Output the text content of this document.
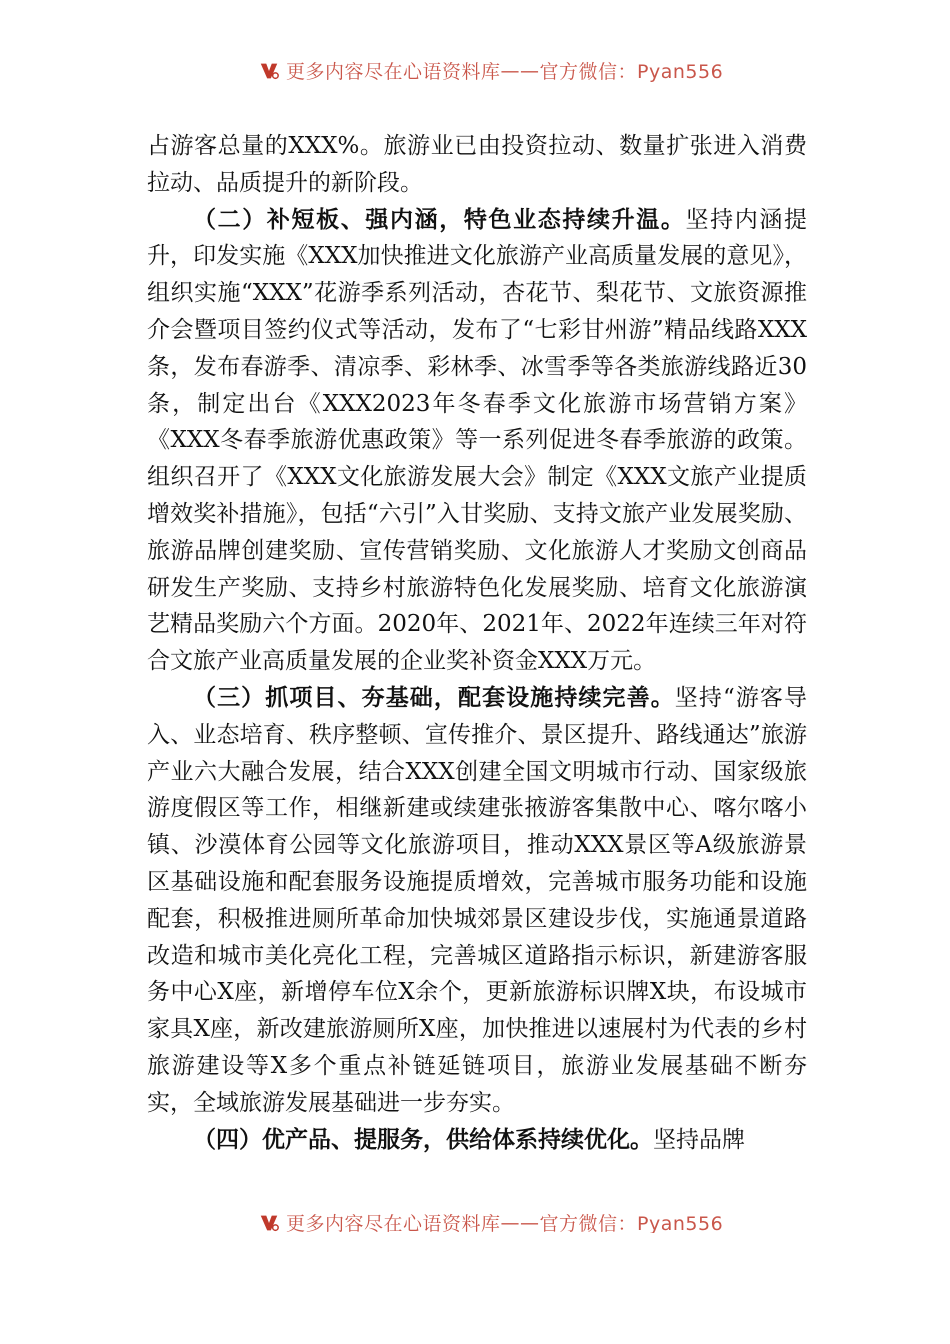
更多内容尽在心语资料库 —— 官方微信：Pyan556

占游客总量的XXX%。旅游业已由投资拉动、数量扩张进入消费拉动、品质提升的新阶段。

（二）补短板、强内涵，特色业态持续升温。坚持内涵提升，印发实施《XXX加快推进文化旅游产业高质量发展的意见》，组织实施“XXX”花游季系列活动，杏花节、梨花节、文旅资源推介会暨项目签约仪式等活动，发布了“七彩甘州游”精品线路XXX条，发布春游季、清凉季、彩林季、冰雪季等各类旅游线路近30条，制定出台《XXX2023年冬春季文化旅游市场营销方案》《XXX冬春季旅游优惠政策》等一系列促进冬春季旅游的政策。组织召开了《XXX文化旅游发展大会》制定《XXX文旅产业提质增效奖补措施》，包括“六引”入甘奖励、支持文旅产业发展奖励、旅游品牌创建奖励、宣传营销奖励、文化旅游人才奖励文创商品研发生产奖励、支持乡村旅游特色化发展奖励、培育文化旅游演艺精品奖励六个方面。2020年、2021年、2022年连续三年对符合文旅产业高质量发展的企业奖补资金XXX万元。

（三）抓项目、夯基础，配套设施持续完善。坚持“游客导入、业态培育、秩序整顿、宣传推介、景区提升、路线通达”旅游产业六大融合发展，结合XXX创建全国文明城市行动、国家级旅游度假区等工作，相继新建或续建张掖游客集散中心、喀尔喀小镇、沙漠体育公园等文化旅游项目，推动XXX景区等A级旅游景区基础设施和配套服务设施提质增效，完善城市服务功能和设施配套，积极推进厕所革命加快城郊景区建设步伐，实施通景道路改造和城市美化亮化工程，完善城区道路指示标识，新建游客服务中心X座，新增停车位X余个，更新旅游标识牌X块，布设城市家具X座，新改建旅游厕所X座，加快推进以速展村为代表的乡村旅游建设等X多个重点补链延链项目，旅游业发展基础不断夯实，全域旅游发展基础进一步夯实。

（四）优产品、提服务，供给体系持续优化。坚持品牌

更多内容尽在心语资料库 —— 官方微信：Pyan556
